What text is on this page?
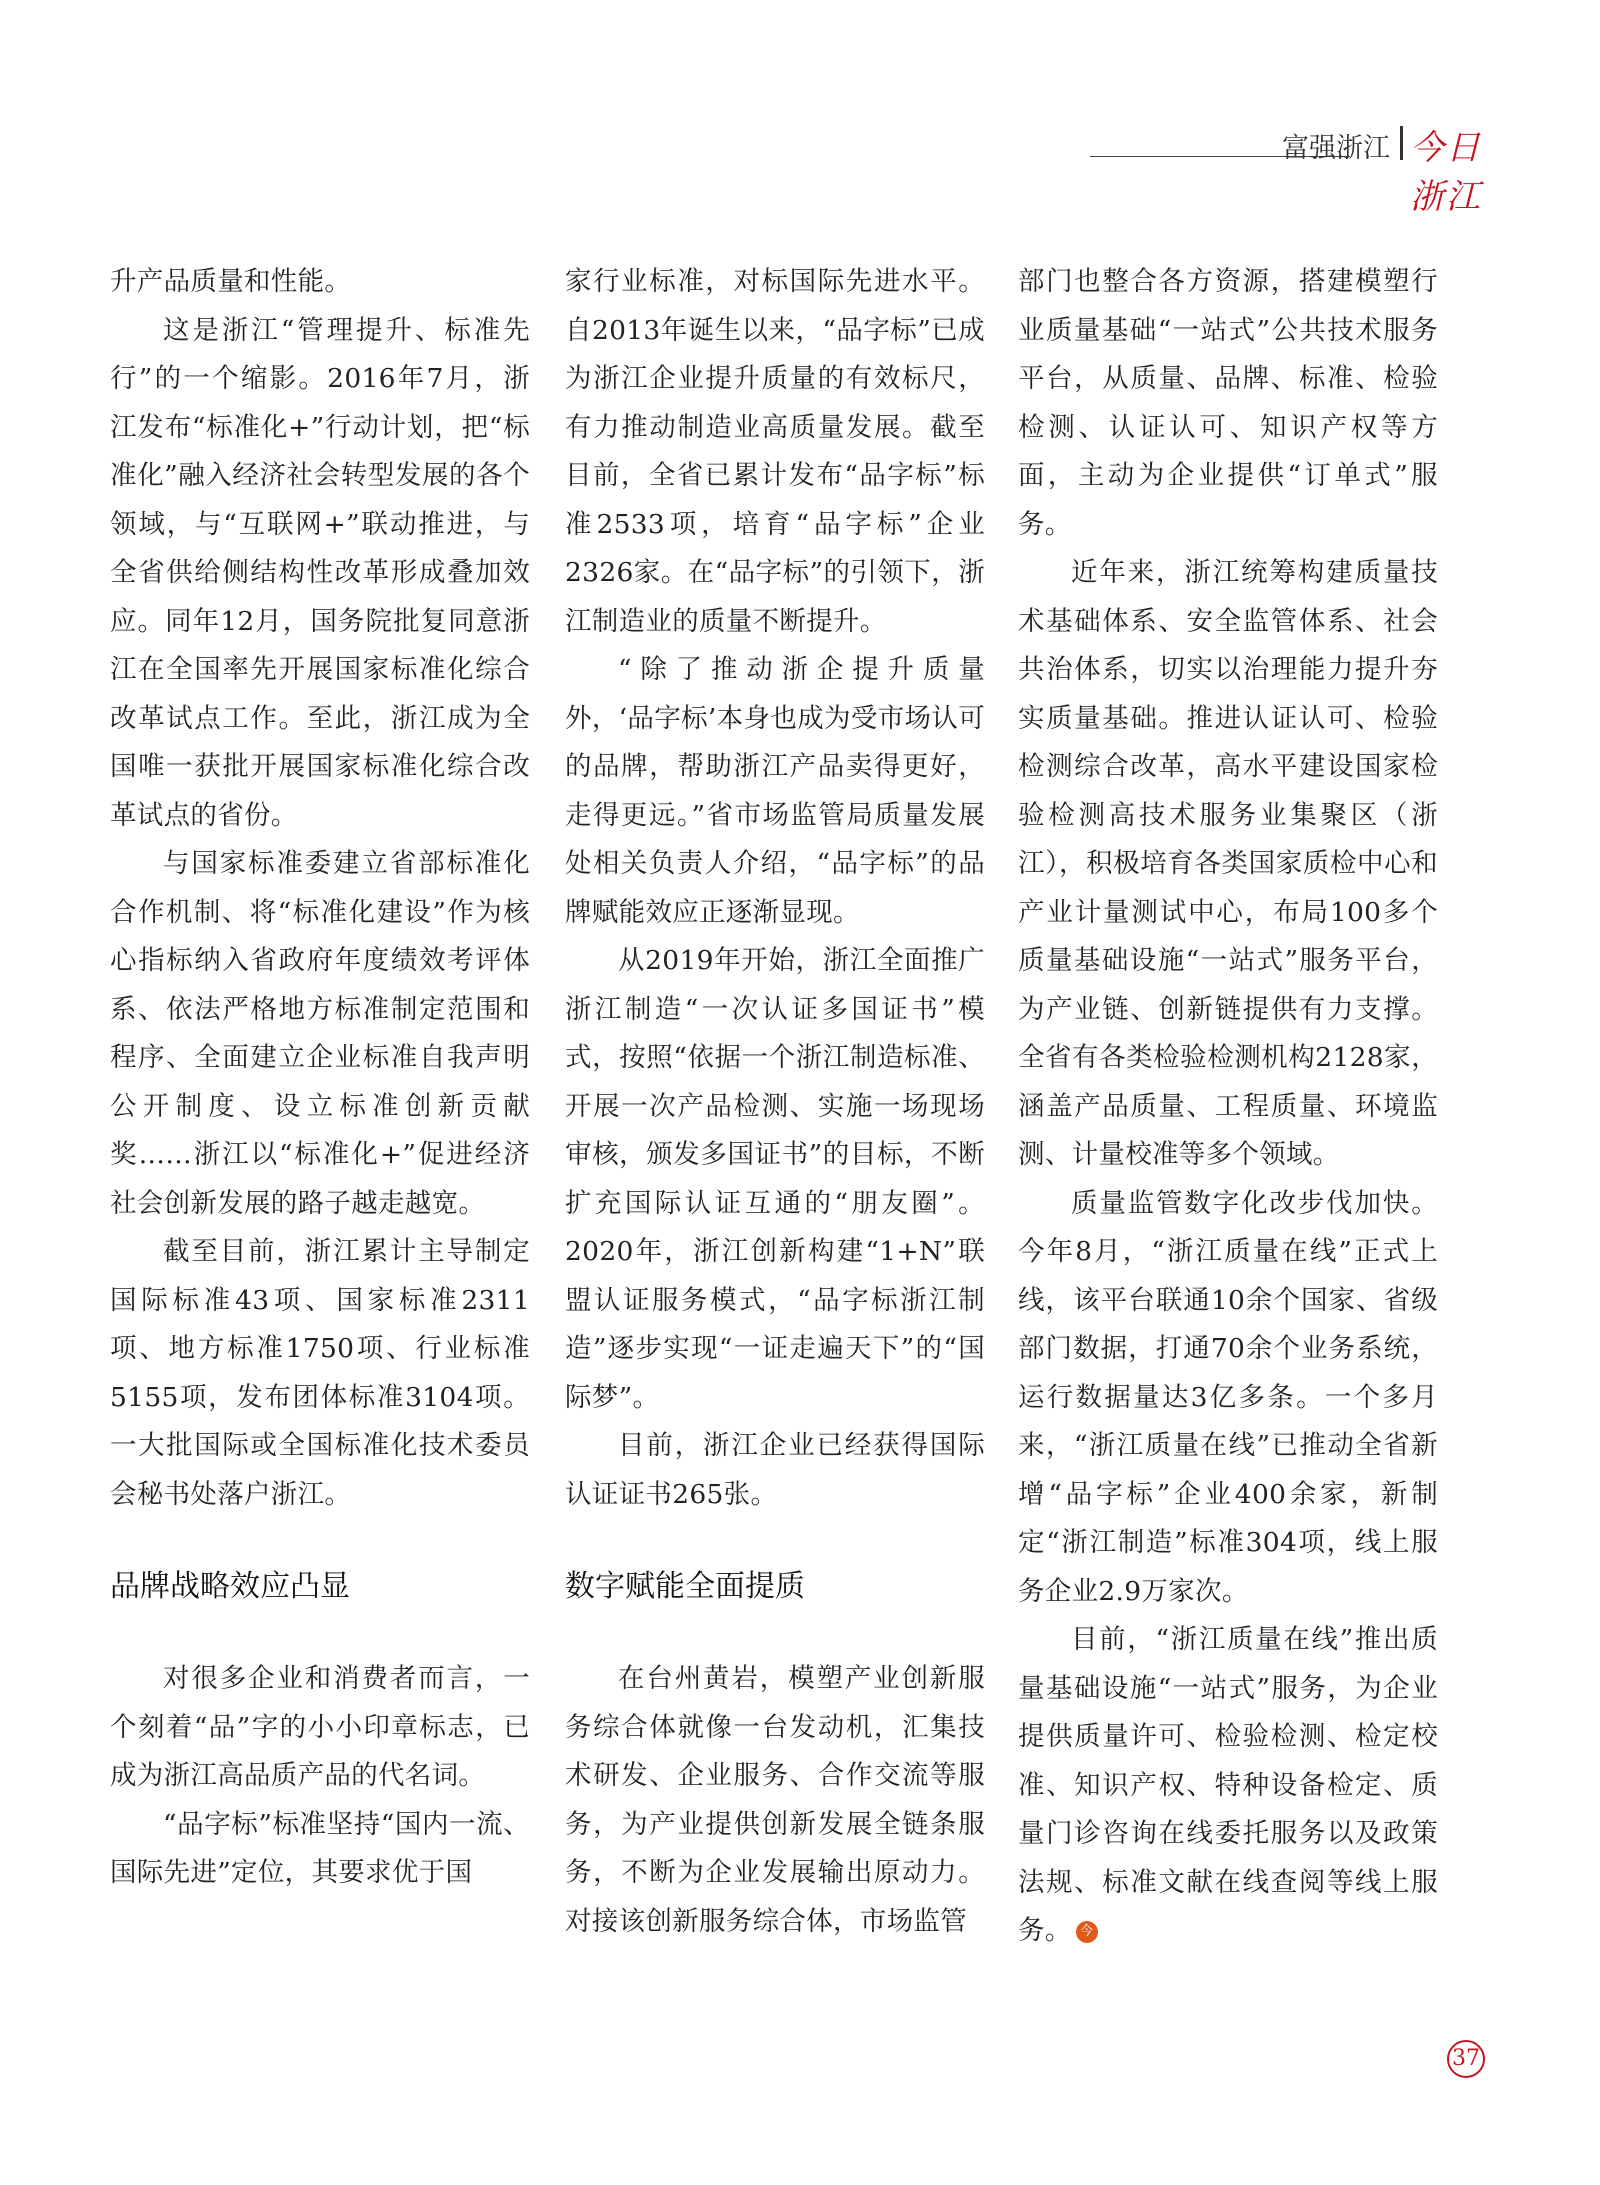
富强浙江 今日浙江

升产品质量和性能。

这是浙江“管理提升、标准先行”的一个缩影。2016年7月，浙江发布“标准化+”行动计划，把“标准化”融入经济社会转型发展的各个领域，与“互联网+”联动推进，与全省供给侧结构性改革形成叠加效应。同年12月，国务院批复同意浙江在全国率先开展国家标准化综合改革试点工作。至此，浙江成为全国唯一获批开展国家标准化综合改革试点的省份。

与国家标准委建立省部标准化合作机制、将“标准化建设”作为核心指标纳入省政府年度绩效考评体系、依法严格地方标准制定范围和程序、全面建立企业标准自我声明公开制度、设立标准创新贡献奖……浙江以“标准化+”促进经济社会创新发展的路子越走越宽。

截至目前，浙江累计主导制定国际标准43项、国家标准2311项、地方标准1750项、行业标准5155项，发布团体标准3104项。一大批国际或全国标准化技术委员会秘书处落户浙江。

品牌战略效应凸显

对很多企业和消费者而言，一个刻着“品”字的小小印章标志，已成为浙江高品质产品的代名词。

“品字标”标准坚持“国内一流、国际先进”定位，其要求优于国

家行业标准，对标国际先进水平。自2013年诞生以来，“品字标”已成为浙江企业提升质量的有效标尺，有力推动制造业高质量发展。截至目前，全省已累计发布“品字标”标准2533项，培育“品字标”企业2326家。在“品字标”的引领下，浙江制造业的质量不断提升。

“除了推动浙企提升质量外，‘品字标’本身也成为受市场认可的品牌，帮助浙江产品卖得更好，走得更远。”省市场监管局质量发展处相关负责人介绍，“品字标”的品牌赋能效应正逐渐显现。

从2019年开始，浙江全面推广浙江制造“一次认证多国证书”模式，按照“依据一个浙江制造标准、开展一次产品检测、实施一场现场审核，颁发多国证书”的目标，不断扩充国际认证互通的“朋友圈”。2020年，浙江创新构建“1+N”联盟认证服务模式，“品字标浙江制造”逐步实现“一证走遍天下”的“国际梦”。

目前，浙江企业已经获得国际认证证书265张。

数字赋能全面提质

在台州黄岩，模塑产业创新服务综合体就像一台发动机，汇集技术研发、企业服务、合作交流等服务，为产业提供创新发展全链条服务，不断为企业发展输出原动力。对接该创新服务综合体，市场监管

部门也整合各方资源，搭建模塑行业质量基础“一站式”公共技术服务平台，从质量、品牌、标准、检验检测、认证认可、知识产权等方面，主动为企业提供“订单式”服务。

近年来，浙江统筹构建质量技术基础体系、安全监管体系、社会共治体系，切实以治理能力提升夯实质量基础。推进认证认可、检验检测综合改革，高水平建设国家检验检测高技术服务业集聚区（浙江），积极培育各类国家质检中心和产业计量测试中心，布局100多个质量基础设施“一站式”服务平台，为产业链、创新链提供有力支撑。全省有各类检验检测机构2128家，涵盖产品质量、工程质量、环境监测、计量校准等多个领域。

质量监管数字化改步伐加快。今年8月，“浙江质量在线”正式上线，该平台联通10余个国家、省级部门数据，打通70余个业务系统，运行数据量达3亿多条。一个多月来，“浙江质量在线”已推动全省新增“品字标”企业400余家，新制定“浙江制造”标准304项，线上服务企业2.9万家次。

目前，“浙江质量在线”推出质量基础设施“一站式”服务，为企业提供质量许可、检验检测、检定校准、知识产权、特种设备检定、质量门诊咨询在线委托服务以及政策法规、标准文献在线查阅等线上服务。 今

37
